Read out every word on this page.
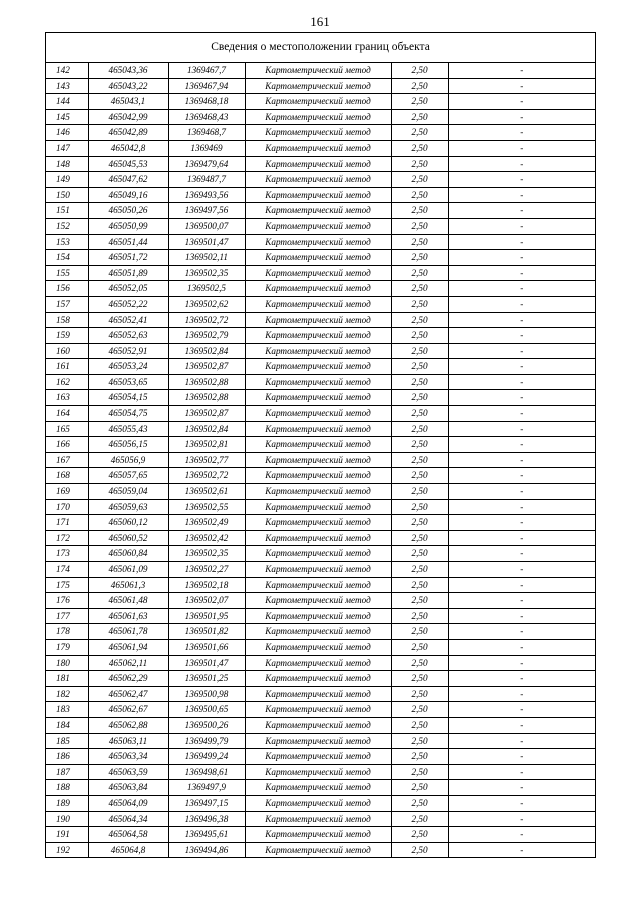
161
Сведения о местоположении границ объекта
142	465043,36	1369467,7	Картометрический метод	2,50	-
143	465043,22	1369467,94	Картометрический метод	2,50	-
144	465043,1	1369468,18	Картометрический метод	2,50	-
145	465042,99	1369468,43	Картометрический метод	2,50	-
146	465042,89	1369468,7	Картометрический метод	2,50	-
147	465042,8	1369469	Картометрический метод	2,50	-
148	465045,53	1369479,64	Картометрический метод	2,50	-
149	465047,62	1369487,7	Картометрический метод	2,50	-
150	465049,16	1369493,56	Картометрический метод	2,50	-
151	465050,26	1369497,56	Картометрический метод	2,50	-
152	465050,99	1369500,07	Картометрический метод	2,50	-
153	465051,44	1369501,47	Картометрический метод	2,50	-
154	465051,72	1369502,11	Картометрический метод	2,50	-
155	465051,89	1369502,35	Картометрический метод	2,50	-
156	465052,05	1369502,5	Картометрический метод	2,50	-
157	465052,22	1369502,62	Картометрический метод	2,50	-
158	465052,41	1369502,72	Картометрический метод	2,50	-
159	465052,63	1369502,79	Картометрический метод	2,50	-
160	465052,91	1369502,84	Картометрический метод	2,50	-
161	465053,24	1369502,87	Картометрический метод	2,50	-
162	465053,65	1369502,88	Картометрический метод	2,50	-
163	465054,15	1369502,88	Картометрический метод	2,50	-
164	465054,75	1369502,87	Картометрический метод	2,50	-
165	465055,43	1369502,84	Картометрический метод	2,50	-
166	465056,15	1369502,81	Картометрический метод	2,50	-
167	465056,9	1369502,77	Картометрический метод	2,50	-
168	465057,65	1369502,72	Картометрический метод	2,50	-
169	465059,04	1369502,61	Картометрический метод	2,50	-
170	465059,63	1369502,55	Картометрический метод	2,50	-
171	465060,12	1369502,49	Картометрический метод	2,50	-
172	465060,52	1369502,42	Картометрический метод	2,50	-
173	465060,84	1369502,35	Картометрический метод	2,50	-
174	465061,09	1369502,27	Картометрический метод	2,50	-
175	465061,3	1369502,18	Картометрический метод	2,50	-
176	465061,48	1369502,07	Картометрический метод	2,50	-
177	465061,63	1369501,95	Картометрический метод	2,50	-
178	465061,78	1369501,82	Картометрический метод	2,50	-
179	465061,94	1369501,66	Картометрический метод	2,50	-
180	465062,11	1369501,47	Картометрический метод	2,50	-
181	465062,29	1369501,25	Картометрический метод	2,50	-
182	465062,47	1369500,98	Картометрический метод	2,50	-
183	465062,67	1369500,65	Картометрический метод	2,50	-
184	465062,88	1369500,26	Картометрический метод	2,50	-
185	465063,11	1369499,79	Картометрический метод	2,50	-
186	465063,34	1369499,24	Картометрический метод	2,50	-
187	465063,59	1369498,61	Картометрический метод	2,50	-
188	465063,84	1369497,9	Картометрический метод	2,50	-
189	465064,09	1369497,15	Картометрический метод	2,50	-
190	465064,34	1369496,38	Картометрический метод	2,50	-
191	465064,58	1369495,61	Картометрический метод	2,50	-
192	465064,8	1369494,86	Картометрический метод	2,50	-
